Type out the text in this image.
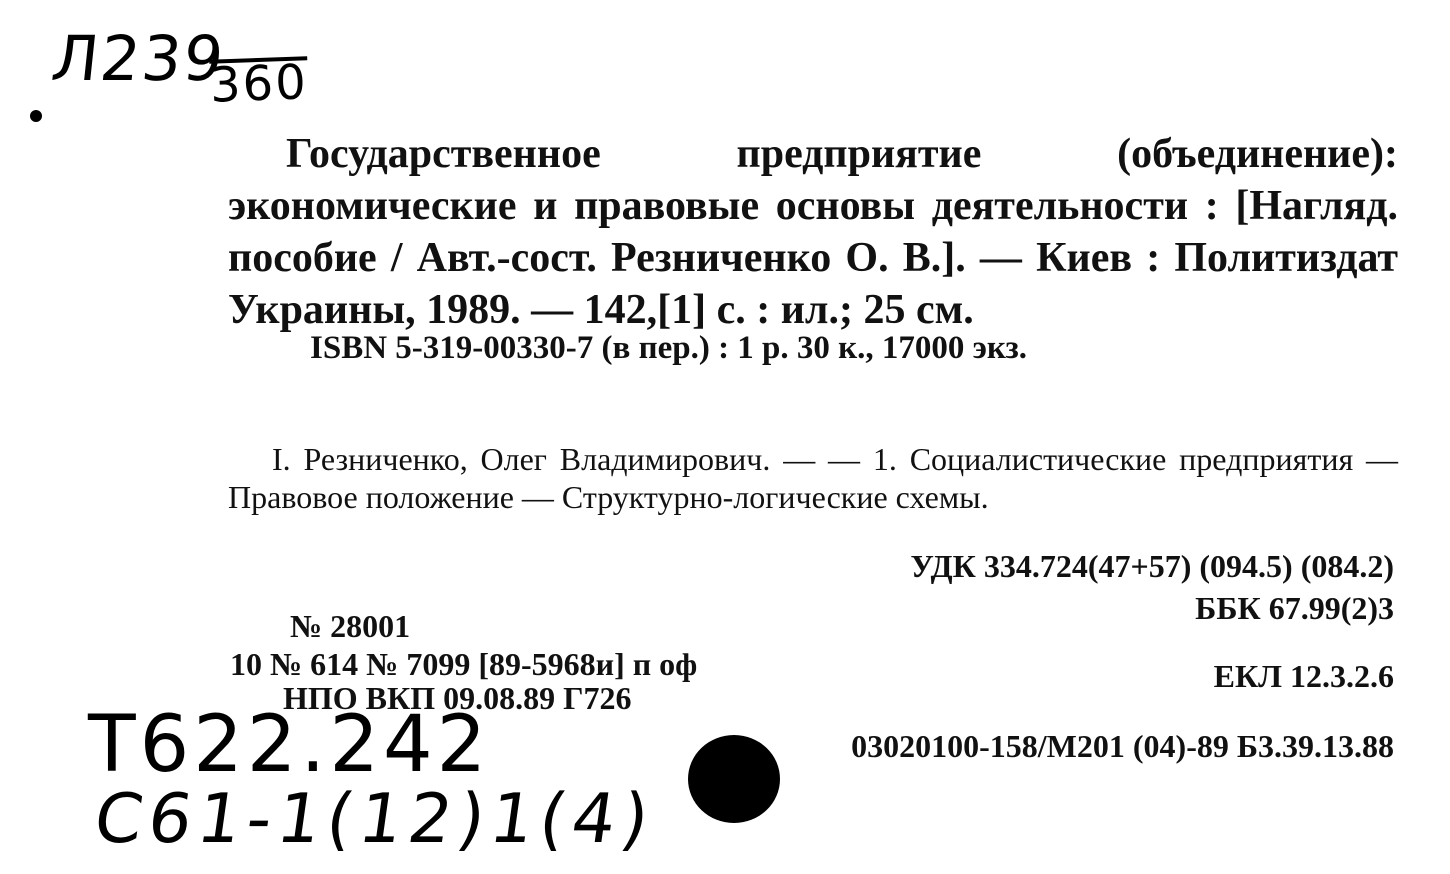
Л239
360
Государственное предприятие (объединение): экономические и правовые основы деятельности : [Нагляд. пособие / Авт.-сост. Резниченко О. В.]. — Киев : Политиздат Украины, 1989. — 142,[1] с. : ил.; 25 см.
ISBN 5-319-00330-7 (в пер.) : 1 р. 30 к., 17000 экз.
I. Резниченко, Олег Владимирович. — — 1. Социалистические предприятия — Правовое положение — Структурно-логические схемы.
УДК 334.724(47+57) (094.5) (084.2)
ББК 67.99(2)3
№ 28001
10 № 614 № 7099 [89-5968и] п оф
НПО ВКП 09.08.89 Г726
ЕКЛ 12.3.2.6
03020100-158/М201 (04)-89 Б3.39.13.88
Т622.242
С61-1(12)1(4)
